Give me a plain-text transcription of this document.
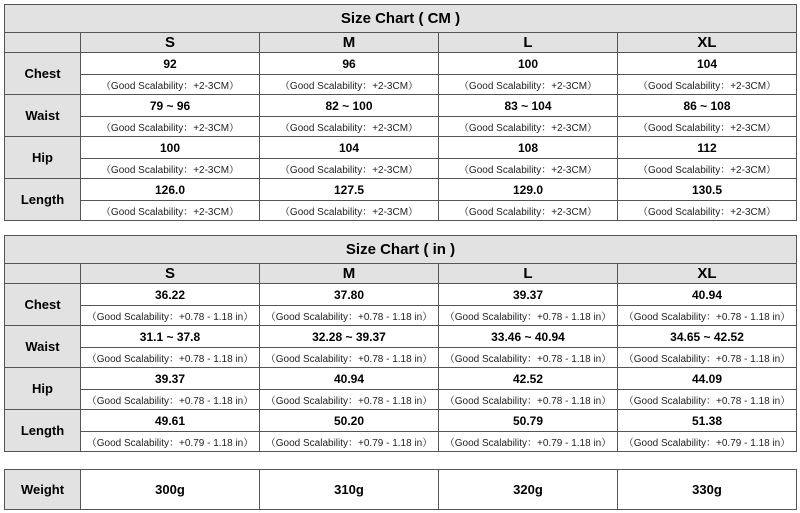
Size Chart ( CM )				
	S	M	L	XL
Chest	92	96	100	104
	（Good Scalability：+2-3CM）	（Good Scalability：+2-3CM）	（Good Scalability：+2-3CM）	（Good Scalability：+2-3CM）
Waist	79 ~ 96	82 ~ 100	83 ~ 104	86 ~ 108
	（Good Scalability：+2-3CM）	（Good Scalability：+2-3CM）	（Good Scalability：+2-3CM）	（Good Scalability：+2-3CM）
Hip	100	104	108	112
	（Good Scalability：+2-3CM）	（Good Scalability：+2-3CM）	（Good Scalability：+2-3CM）	（Good Scalability：+2-3CM）
Length	126.0	127.5	129.0	130.5
	（Good Scalability：+2-3CM）	（Good Scalability：+2-3CM）	（Good Scalability：+2-3CM）	（Good Scalability：+2-3CM）
Size Chart ( in )				
	S	M	L	XL
Chest	36.22	37.80	39.37	40.94
	（Good Scalability：+0.78 - 1.18 in）	（Good Scalability：+0.78 - 1.18 in）	（Good Scalability：+0.78 - 1.18 in）	（Good Scalability：+0.78 - 1.18 in）
Waist	31.1 ~ 37.8	32.28 ~ 39.37	33.46 ~ 40.94	34.65 ~ 42.52
	（Good Scalability：+0.78 - 1.18 in）	（Good Scalability：+0.78 - 1.18 in）	（Good Scalability：+0.78 - 1.18 in）	（Good Scalability：+0.78 - 1.18 in）
Hip	39.37	40.94	42.52	44.09
	（Good Scalability：+0.78 - 1.18 in）	（Good Scalability：+0.78 - 1.18 in）	（Good Scalability：+0.78 - 1.18 in）	（Good Scalability：+0.78 - 1.18 in）
Length	49.61	50.20	50.79	51.38
	（Good Scalability：+0.79 - 1.18 in）	（Good Scalability：+0.79 - 1.18 in）	（Good Scalability：+0.79 - 1.18 in）	（Good Scalability：+0.79 - 1.18 in）
Weight	300g	310g	320g	330g
